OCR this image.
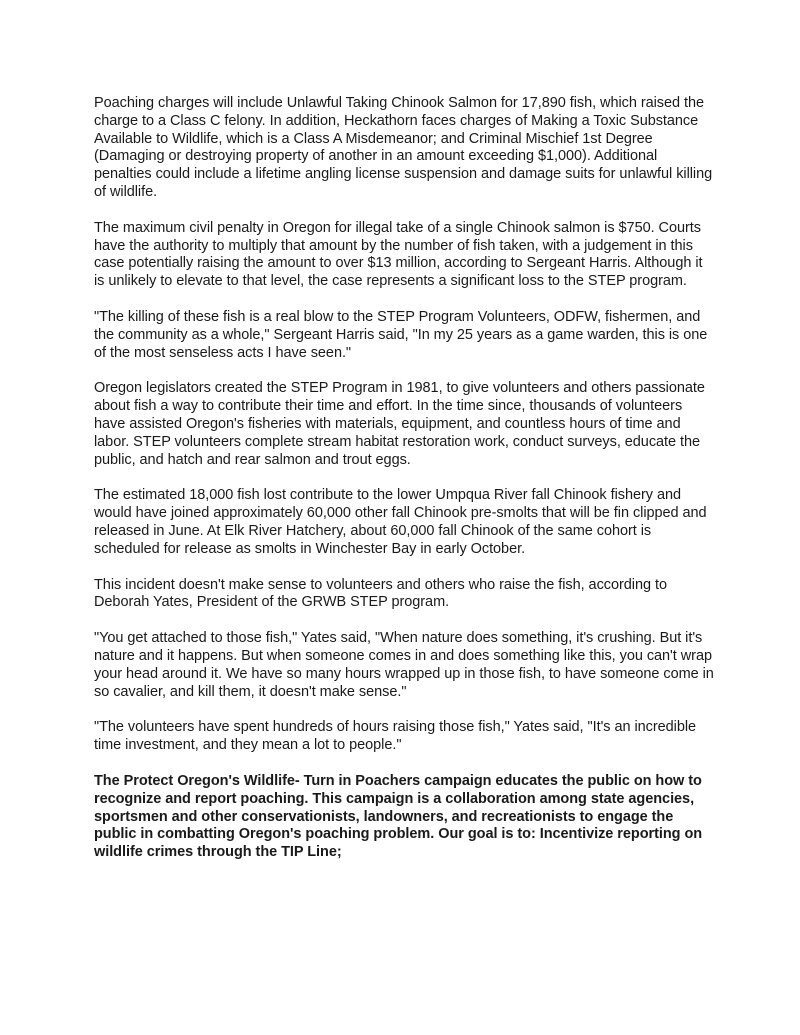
Poaching charges will include Unlawful Taking Chinook Salmon for 17,890 fish, which raised the charge to a Class C felony. In addition, Heckathorn faces charges of Making a Toxic Substance Available to Wildlife, which is a Class A Misdemeanor; and Criminal Mischief 1st Degree (Damaging or destroying property of another in an amount exceeding $1,000). Additional penalties could include a lifetime angling license suspension and damage suits for unlawful killing of wildlife.

The maximum civil penalty in Oregon for illegal take of a single Chinook salmon is $750. Courts have the authority to multiply that amount by the number of fish taken, with a judgement in this case potentially raising the amount to over $13 million, according to Sergeant Harris. Although it is unlikely to elevate to that level, the case represents a significant loss to the STEP program.

"The killing of these fish is a real blow to the STEP Program Volunteers, ODFW, fishermen, and the community as a whole," Sergeant Harris said, "In my 25 years as a game warden, this is one of the most senseless acts I have seen."

Oregon legislators created the STEP Program in 1981, to give volunteers and others passionate about fish a way to contribute their time and effort. In the time since, thousands of volunteers have assisted Oregon's fisheries with materials, equipment, and countless hours of time and labor. STEP volunteers complete stream habitat restoration work, conduct surveys, educate the public, and hatch and rear salmon and trout eggs.

The estimated 18,000 fish lost contribute to the lower Umpqua River fall Chinook fishery and would have joined approximately 60,000 other fall Chinook pre-smolts that will be fin clipped and released in June. At Elk River Hatchery, about 60,000 fall Chinook of the same cohort is scheduled for release as smolts in Winchester Bay in early October.

This incident doesn't make sense to volunteers and others who raise the fish, according to Deborah Yates, President of the GRWB STEP program.

"You get attached to those fish," Yates said, "When nature does something, it's crushing. But it's nature and it happens. But when someone comes in and does something like this, you can't wrap your head around it. We have so many hours wrapped up in those fish, to have someone come in so cavalier, and kill them, it doesn't make sense."

"The volunteers have spent hundreds of hours raising those fish," Yates said, "It's an incredible time investment, and they mean a lot to people."

The Protect Oregon's Wildlife- Turn in Poachers campaign educates the public on how to recognize and report poaching. This campaign is a collaboration among state agencies, sportsmen and other conservationists, landowners, and recreationists to engage the public in combatting Oregon's poaching problem. Our goal is to: Incentivize reporting on wildlife crimes through the TIP Line;
